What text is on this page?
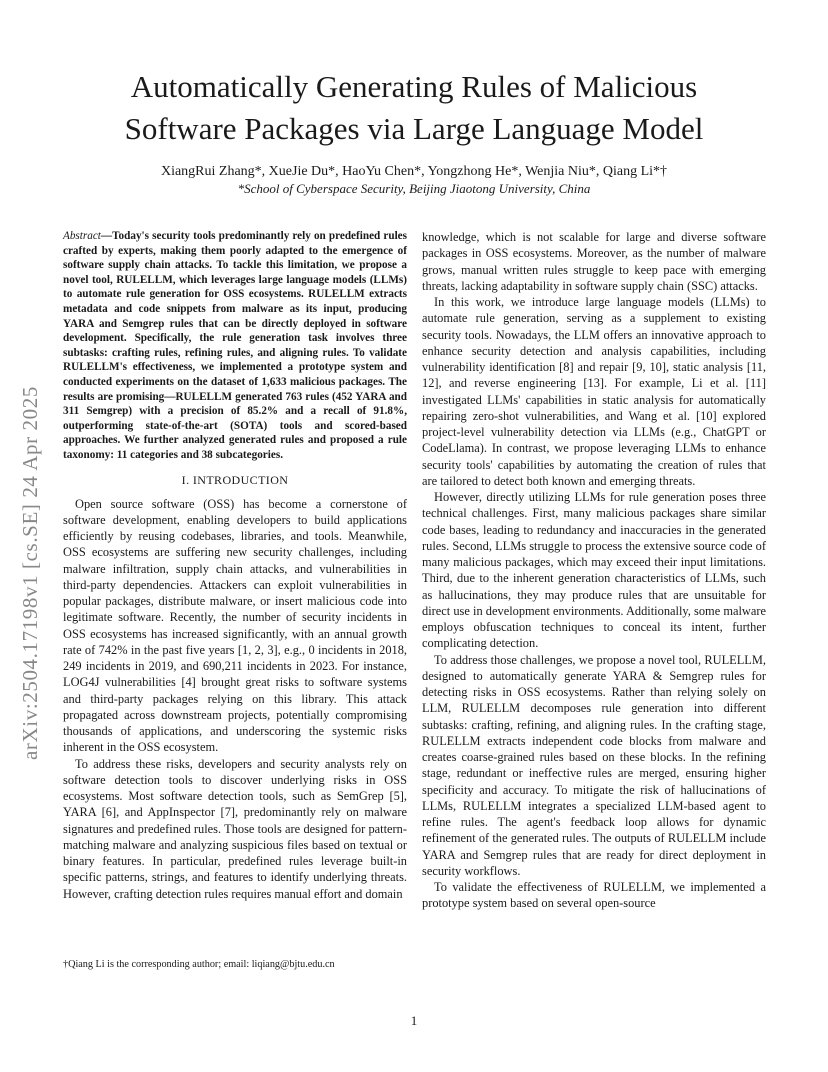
arXiv:2504.17198v1 [cs.SE] 24 Apr 2025
Automatically Generating Rules of Malicious
Software Packages via Large Language Model
XiangRui Zhang*, XueJie Du*, HaoYu Chen*, Yongzhong He*, Wenjia Niu*, Qiang Li*†
*School of Cyberspace Security, Beijing Jiaotong University, China

Abstract—Today's security tools predominantly rely on predefined rules crafted by experts, making them poorly adapted to the emergence of software supply chain attacks. To tackle this limitation, we propose a novel tool, RULELLM, which leverages large language models (LLMs) to automate rule generation for OSS ecosystems. RULELLM extracts metadata and code snippets from malware as its input, producing YARA and Semgrep rules that can be directly deployed in software development. Specifically, the rule generation task involves three subtasks: crafting rules, refining rules, and aligning rules. To validate RULELLM's effectiveness, we implemented a prototype system and conducted experiments on the dataset of 1,633 malicious packages. The results are promising—RULELLM generated 763 rules (452 YARA and 311 Semgrep) with a precision of 85.2% and a recall of 91.8%, outperforming state-of-the-art (SOTA) tools and scored-based approaches. We further analyzed generated rules and proposed a rule taxonomy: 11 categories and 38 subcategories.

I. INTRODUCTION

Open source software (OSS) has become a cornerstone of software development, enabling developers to build applications efficiently by reusing codebases, libraries, and tools. Meanwhile, OSS ecosystems are suffering new security challenges, including malware infiltration, supply chain attacks, and vulnerabilities in third-party dependencies. Attackers can exploit vulnerabilities in popular packages, distribute malware, or insert malicious code into legitimate software. Recently, the number of security incidents in OSS ecosystems has increased significantly, with an annual growth rate of 742% in the past five years [1, 2, 3], e.g., 0 incidents in 2018, 249 incidents in 2019, and 690,211 incidents in 2023. For instance, LOG4J vulnerabilities [4] brought great risks to software systems and third-party packages relying on this library. This attack propagated across downstream projects, potentially compromising thousands of applications, and underscoring the systemic risks inherent in the OSS ecosystem.

To address these risks, developers and security analysts rely on software detection tools to discover underlying risks in OSS ecosystems. Most software detection tools, such as SemGrep [5], YARA [6], and AppInspector [7], predominantly rely on malware signatures and predefined rules. Those tools are designed for pattern-matching malware and analyzing suspicious files based on textual or binary features. In particular, predefined rules leverage built-in specific patterns, strings, and features to identify underlying threats. However, crafting detection rules requires manual effort and domain

†Qiang Li is the corresponding author; email: liqiang@bjtu.edu.cn

knowledge, which is not scalable for large and diverse software packages in OSS ecosystems. Moreover, as the number of malware grows, manual written rules struggle to keep pace with emerging threats, lacking adaptability in software supply chain (SSC) attacks.

In this work, we introduce large language models (LLMs) to automate rule generation, serving as a supplement to existing security tools. Nowadays, the LLM offers an innovative approach to enhance security detection and analysis capabilities, including vulnerability identification [8] and repair [9, 10], static analysis [11, 12], and reverse engineering [13]. For example, Li et al. [11] investigated LLMs' capabilities in static analysis for automatically repairing zero-shot vulnerabilities, and Wang et al. [10] explored project-level vulnerability detection via LLMs (e.g., ChatGPT or CodeLlama). In contrast, we propose leveraging LLMs to enhance security tools' capabilities by automating the creation of rules that are tailored to detect both known and emerging threats.

However, directly utilizing LLMs for rule generation poses three technical challenges. First, many malicious packages share similar code bases, leading to redundancy and inaccuracies in the generated rules. Second, LLMs struggle to process the extensive source code of many malicious packages, which may exceed their input limitations. Third, due to the inherent generation characteristics of LLMs, such as hallucinations, they may produce rules that are unsuitable for direct use in development environments. Additionally, some malware employs obfuscation techniques to conceal its intent, further complicating detection.

To address those challenges, we propose a novel tool, RULELLM, designed to automatically generate YARA & Semgrep rules for detecting risks in OSS ecosystems. Rather than relying solely on LLM, RULELLM decomposes rule generation into different subtasks: crafting, refining, and aligning rules. In the crafting stage, RULELLM extracts independent code blocks from malware and creates coarse-grained rules based on these blocks. In the refining stage, redundant or ineffective rules are merged, ensuring higher specificity and accuracy. To mitigate the risk of hallucinations of LLMs, RULELLM integrates a specialized LLM-based agent to refine rules. The agent's feedback loop allows for dynamic refinement of the generated rules. The outputs of RULELLM include YARA and Semgrep rules that are ready for direct deployment in security workflows.

To validate the effectiveness of RULELLM, we implemented a prototype system based on several open-source

1
